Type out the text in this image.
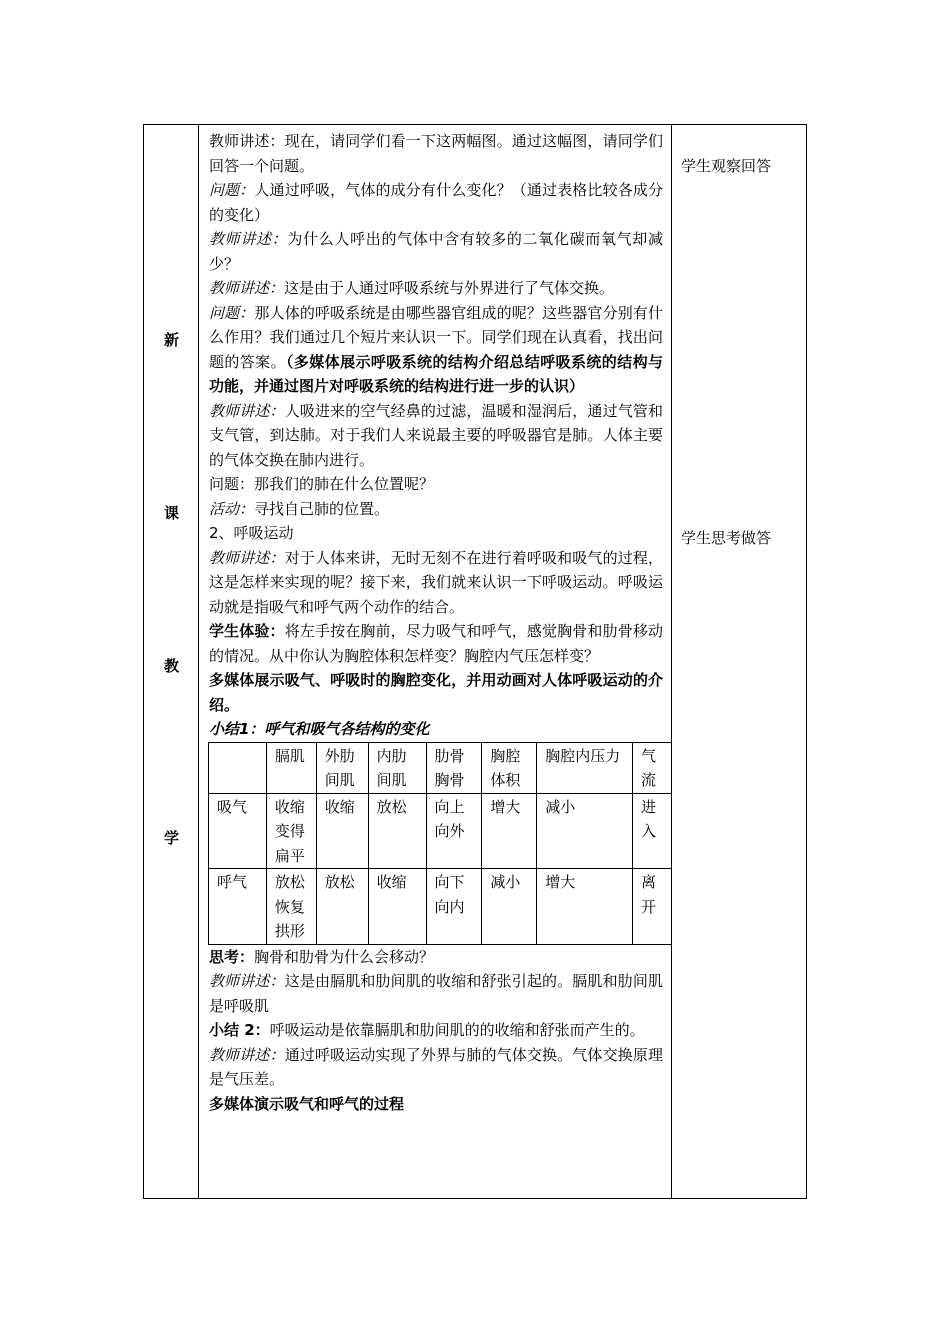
新
课
教
学

教师讲述：现在，请同学们看一下这两幅图。通过这幅图，请同学们回答一个问题。

问题：人通过呼吸，气体的成分有什么变化？（通过表格比较各成分的变化）

教师讲述：为什么人呼出的气体中含有较多的二氧化碳而氧气却减少？

教师讲述：这是由于人通过呼吸系统与外界进行了气体交换。

问题：那人体的呼吸系统是由哪些器官组成的呢？这些器官分别有什么作用？我们通过几个短片来认识一下。同学们现在认真看，找出问题的答案。（多媒体展示呼吸系统的结构介绍总结呼吸系统的结构与功能，并通过图片对呼吸系统的结构进行进一步的认识）

教师讲述：人吸进来的空气经鼻的过滤，温暖和湿润后，通过气管和支气管，到达肺。对于我们人来说最主要的呼吸器官是肺。人体主要的气体交换在肺内进行。

问题：那我们的肺在什么位置呢？

活动：寻找自己肺的位置。

2、呼吸运动

教师讲述：对于人体来讲，无时无刻不在进行着呼吸和吸气的过程，这是怎样来实现的呢？接下来，我们就来认识一下呼吸运动。呼吸运动就是指吸气和呼气两个动作的结合。

学生体验：将左手按在胸前，尽力吸气和呼气，感觉胸骨和肋骨移动的情况。从中你认为胸腔体积怎样变？胸腔内气压怎样变？

多媒体展示吸气、呼吸时的胸腔变化，并用动画对人体呼吸运动的介绍。

小结1：呼气和吸气各结构的变化

	膈肌	外肋间肌	内肋间肌	肋骨胸骨	胸腔体积	胸腔内压力	气流
吸气	收缩变得扁平	收缩	放松	向上向外	增大	减小	进入
呼气	放松恢复拱形	放松	收缩	向下向内	减小	增大	离开

思考：胸骨和肋骨为什么会移动？

教师讲述：这是由膈肌和肋间肌的收缩和舒张引起的。膈肌和肋间肌是呼吸肌

小结 2：呼吸运动是依靠膈肌和肋间肌的的收缩和舒张而产生的。

教师讲述：通过呼吸运动实现了外界与肺的气体交换。气体交换原理是气压差。

多媒体演示吸气和呼气的过程

学生观察回答
学生思考做答
